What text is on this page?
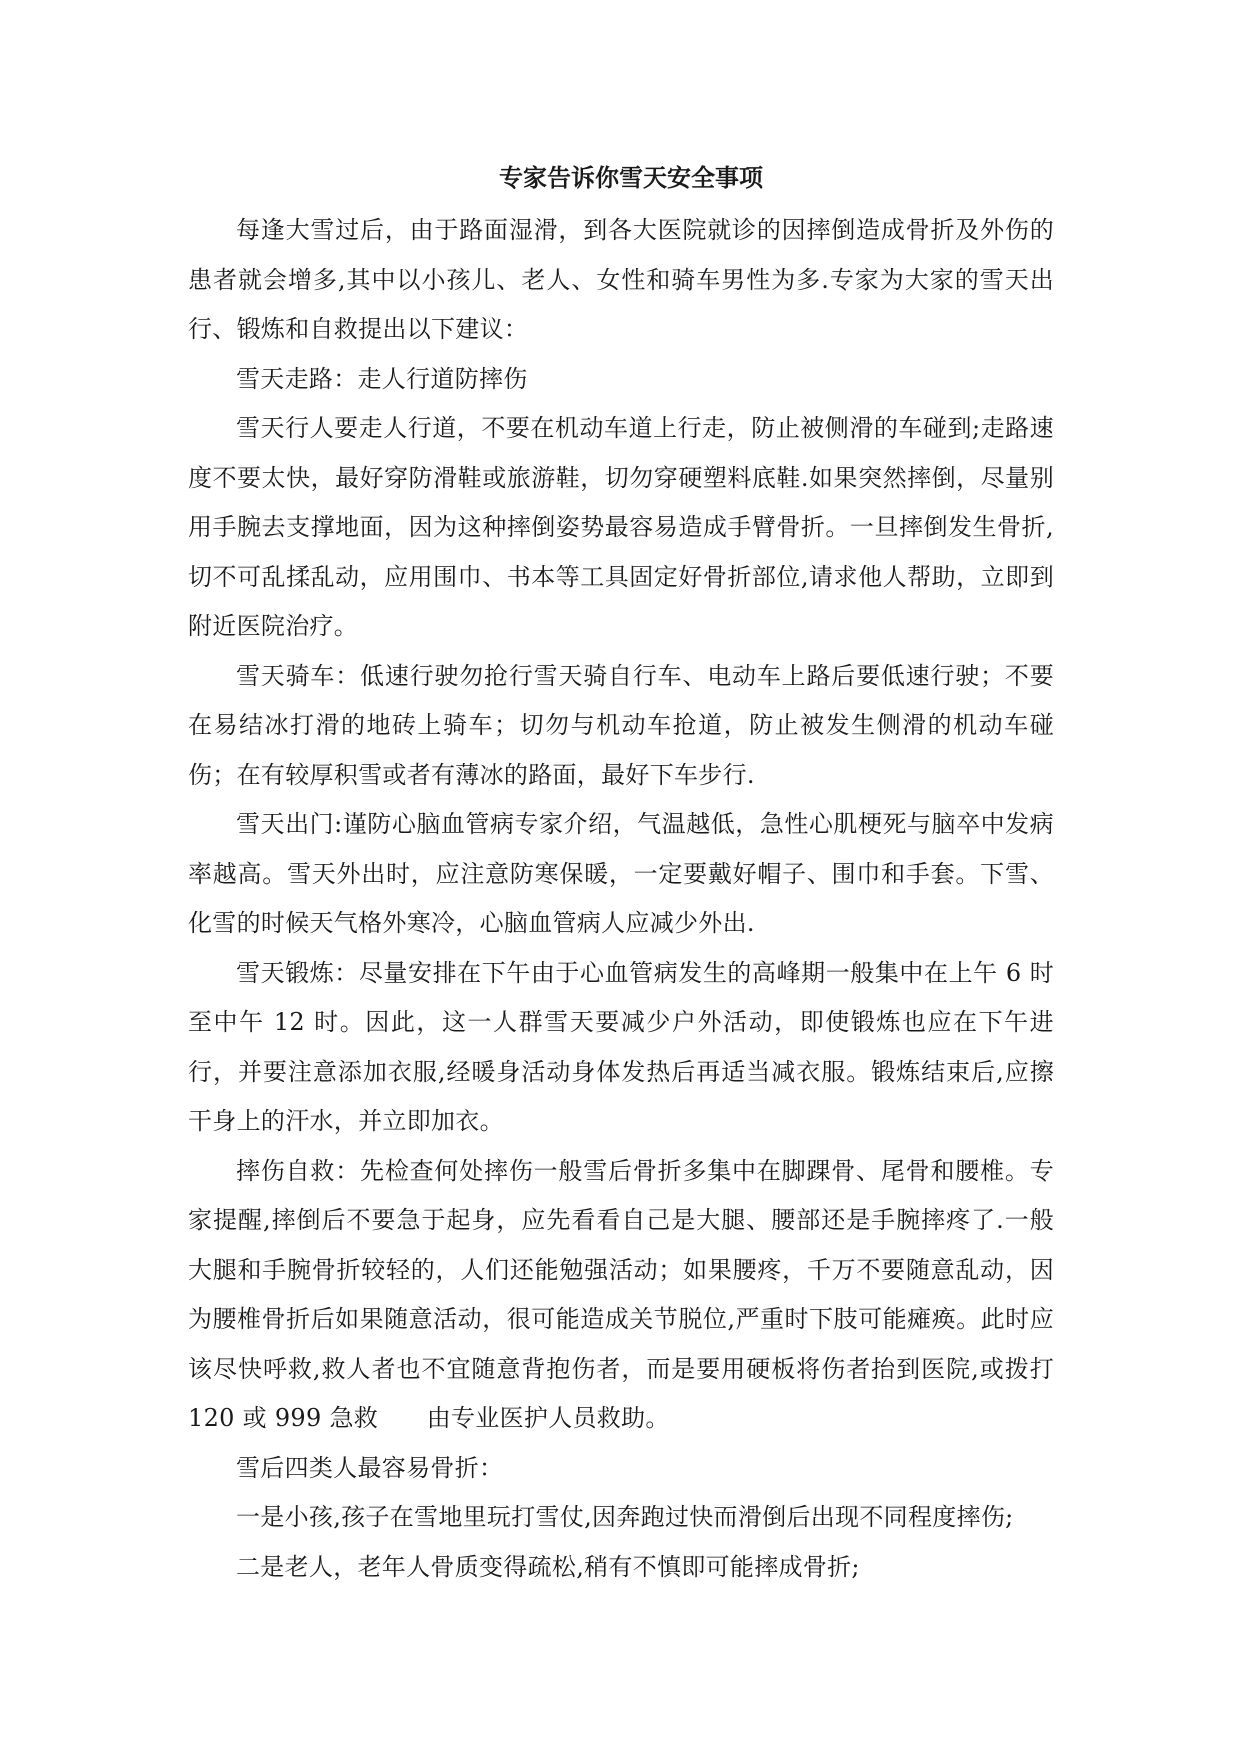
专家告诉你雪天安全事项

每逢大雪过后，由于路面湿滑，到各大医院就诊的因摔倒造成骨折及外伤的患者就会增多,其中以小孩儿、老人、女性和骑车男性为多.专家为大家的雪天出行、锻炼和自救提出以下建议：

雪天走路：走人行道防摔伤

雪天行人要走人行道，不要在机动车道上行走，防止被侧滑的车碰到;走路速度不要太快，最好穿防滑鞋或旅游鞋，切勿穿硬塑料底鞋.如果突然摔倒，尽量别用手腕去支撑地面，因为这种摔倒姿势最容易造成手臂骨折。一旦摔倒发生骨折,切不可乱揉乱动，应用围巾、书本等工具固定好骨折部位,请求他人帮助，立即到附近医院治疗。

雪天骑车：低速行驶勿抢行雪天骑自行车、电动车上路后要低速行驶；不要在易结冰打滑的地砖上骑车；切勿与机动车抢道，防止被发生侧滑的机动车碰伤；在有较厚积雪或者有薄冰的路面，最好下车步行.

雪天出门:谨防心脑血管病专家介绍，气温越低，急性心肌梗死与脑卒中发病率越高。雪天外出时，应注意防寒保暖，一定要戴好帽子、围巾和手套。下雪、化雪的时候天气格外寒冷，心脑血管病人应减少外出.

雪天锻炼：尽量安排在下午由于心血管病发生的高峰期一般集中在上午 6 时至中午 12 时。因此，这一人群雪天要减少户外活动，即使锻炼也应在下午进行，并要注意添加衣服,经暖身活动身体发热后再适当减衣服。锻炼结束后,应擦干身上的汗水，并立即加衣。

摔伤自救：先检查何处摔伤一般雪后骨折多集中在脚踝骨、尾骨和腰椎。专家提醒,摔倒后不要急于起身，应先看看自己是大腿、腰部还是手腕摔疼了.一般大腿和手腕骨折较轻的，人们还能勉强活动；如果腰疼，千万不要随意乱动，因为腰椎骨折后如果随意活动，很可能造成关节脱位,严重时下肢可能瘫痪。此时应该尽快呼救,救人者也不宜随意背抱伤者，而是要用硬板将伤者抬到医院,或拨打 120 或 999 急救　　由专业医护人员救助。

雪后四类人最容易骨折：

一是小孩,孩子在雪地里玩打雪仗,因奔跑过快而滑倒后出现不同程度摔伤;

二是老人，老年人骨质变得疏松,稍有不慎即可能摔成骨折;
